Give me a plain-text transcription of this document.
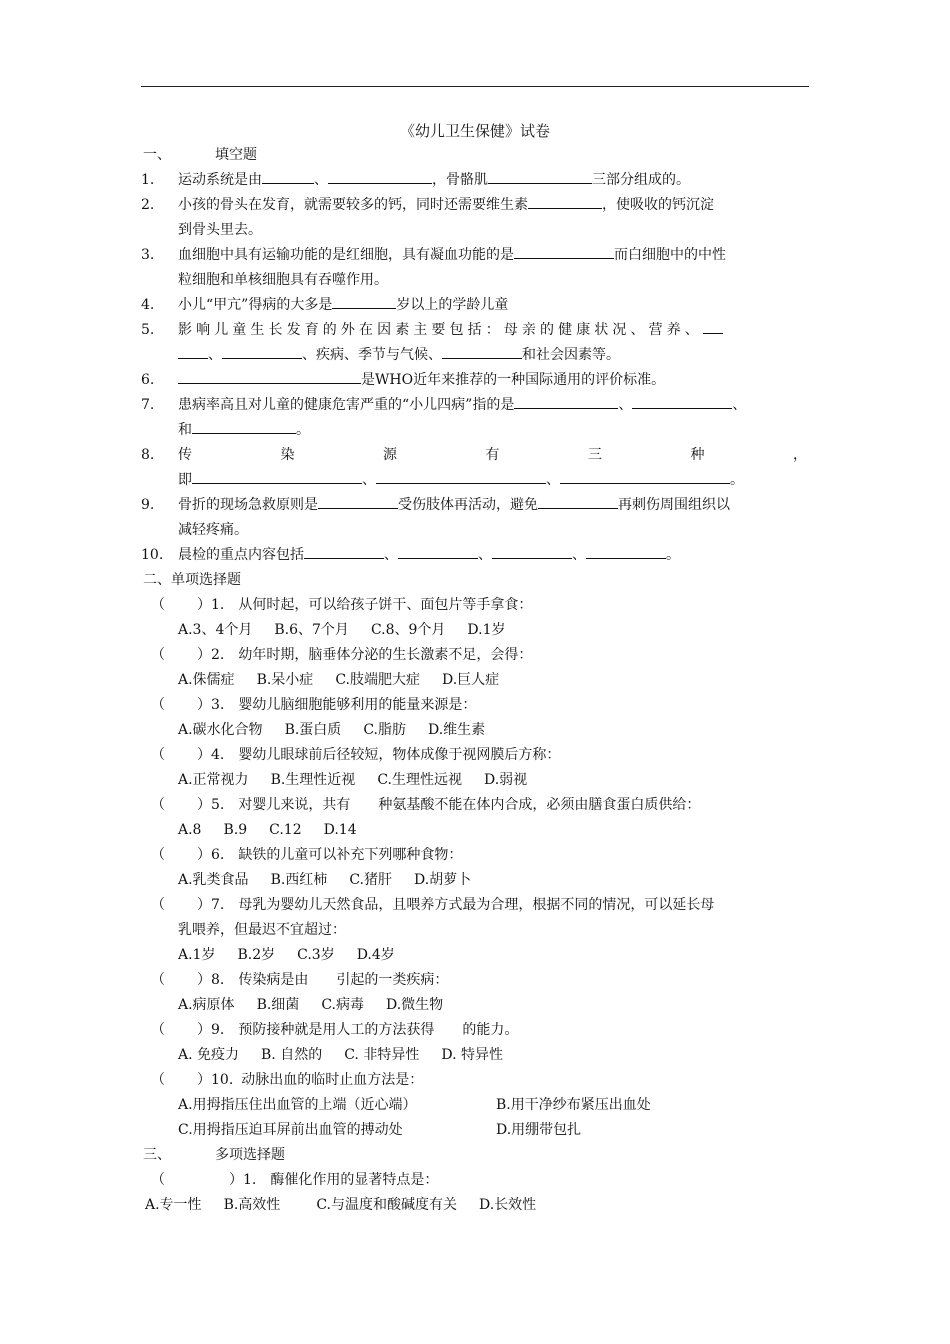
《幼儿卫生保健》试卷
一、	填空题
1. 运动系统是由	、	，骨骼肌	三部分组成的。
2. 小孩的骨头在发育，就需要较多的钙，同时还需要维生素	，使吸收的钙沉淀
到骨头里去。
3. 血细胞中具有运输功能的是红细胞，具有凝血功能的是	而白细胞中的中性
粒细胞和单核细胞具有吞噬作用。
4. 小儿“甲亢”得病的大多是	岁以上的学龄儿童
5. 影响儿童生长发育的外在因素主要包括：母亲的健康状况、营养、
、	、疾病、季节与气候、	和社会因素等。
6.	是WHO近年来推荐的一种国际通用的评价标准。
7. 患病率高且对儿童的健康危害严重的“小儿四病”指的是	、	、
和	。
8. 传	染	源	有	三	种	，
即	、	、	。
9. 骨折的现场急救原则是	受伤肢体再活动，避免	再刺伤周围组织以
减轻疼痛。
10. 晨检的重点内容包括	、	、	、	。
二、单项选择题
（ ）1. 从何时起，可以给孩子饼干、面包片等手拿食：
A.3、4个月 B.6、7个月 C.8、9个月 D.1岁
（ ）2. 幼年时期，脑垂体分泌的生长激素不足，会得：
A.侏儒症 B.呆小症 C.肢端肥大症 D.巨人症
（ ）3. 婴幼儿脑细胞能够利用的能量来源是：
A.碳水化合物 B.蛋白质 C.脂肪 D.维生素
（ ）4. 婴幼儿眼球前后径较短，物体成像于视网膜后方称：
A.正常视力 B.生理性近视 C.生理性远视 D.弱视
（ ）5. 对婴儿来说，共有　　种氨基酸不能在体内合成，必须由膳食蛋白质供给：
A.8 B.9 C.12 D.14
（ ）6. 缺铁的儿童可以补充下列哪种食物：
A.乳类食品 B.西红柿 C.猪肝 D.胡萝卜
（ ）7. 母乳为婴幼儿天然食品，且喂养方式最为合理，根据不同的情况，可以延长母
乳喂养，但最迟不宜超过：
A.1岁 B.2岁 C.3岁 D.4岁
（ ）8. 传染病是由　　引起的一类疾病：
A.病原体 B.细菌 C.病毒 D.微生物
（ ）9. 预防接种就是用人工的方法获得　　的能力。
A. 免疫力 B. 自然的 C. 非特异性 D. 特异性
（ ）10. 动脉出血的临时止血方法是：
A.用拇指压住出血管的上端（近心端）	B.用干净纱布紧压出血处
C.用拇指压迫耳屏前出血管的搏动处	D.用绷带包扎
三、	多项选择题
（	）1. 酶催化作用的显著特点是：
A.专一性 B.高效性	C.与温度和酸碱度有关 D.长效性
